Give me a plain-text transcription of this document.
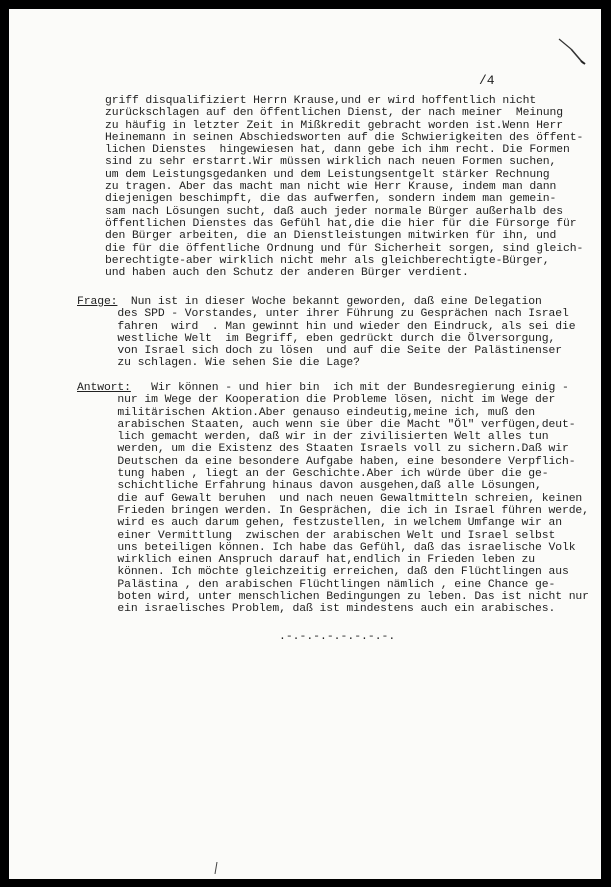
/4
griff disqualifiziert Herrn Krause,und er wird hoffentlich nicht
zurückschlagen auf den öffentlichen Dienst, der nach meiner  Meinung
zu häufig in letzter Zeit in Mißkredit gebracht worden ist.Wenn Herr
Heinemann in seinen Abschiedsworten auf die Schwierigkeiten des öffent-
lichen Dienstes  hingewiesen hat, dann gebe ich ihm recht. Die Formen
sind zu sehr erstarrt.Wir müssen wirklich nach neuen Formen suchen,
um dem Leistungsgedanken und dem Leistungsentgelt stärker Rechnung
zu tragen. Aber das macht man nicht wie Herr Krause, indem man dann
diejenigen beschimpft, die das aufwerfen, sondern indem man gemein-
sam nach Lösungen sucht, daß auch jeder normale Bürger außerhalb des
öffentlichen Dienstes das Gefühl hat,die die hier für die Fürsorge für
den Bürger arbeiten, die an Dienstleistungen mitwirken für ihn, und
die für die öffentliche Ordnung und für Sicherheit sorgen, sind gleich-
berechtigte-aber wirklich nicht mehr als gleichberechtigte-Bürger,
und haben auch den Schutz der anderen Bürger verdient.
Frage:  Nun ist in dieser Woche bekannt geworden, daß eine Delegation
des SPD - Vorstandes, unter ihrer Führung zu Gesprächen nach Israel
fahren  wird  . Man gewinnt hin und wieder den Eindruck, als sei die
westliche Welt  im Begriff, eben gedrückt durch die Ölversorgung,
von Israel sich doch zu lösen  und auf die Seite der Palästinenser
zu schlagen. Wie sehen Sie die Lage?
Antwort:   Wir können - und hier bin  ich mit der Bundesregierung einig -
nur im Wege der Kooperation die Probleme lösen, nicht im Wege der
militärischen Aktion.Aber genauso eindeutig,meine ich, muß den
arabischen Staaten, auch wenn sie über die Macht "Öl" verfügen,deut-
lich gemacht werden, daß wir in der zivilisierten Welt alles tun
werden, um die Existenz des Staaten Israels voll zu sichern.Daß wir
Deutschen da eine besondere Aufgabe haben, eine besondere Verpflich-
tung haben , liegt an der Geschichte.Aber ich würde über die ge-
schichtliche Erfahrung hinaus davon ausgehen,daß alle Lösungen,
die auf Gewalt beruhen  und nach neuen Gewaltmitteln schreien, keinen
Frieden bringen werden. In Gesprächen, die ich in Israel führen werde,
wird es auch darum gehen, festzustellen, in welchem Umfange wir an
einer Vermittlung  zwischen der arabischen Welt und Israel selbst
uns beteiligen können. Ich habe das Gefühl, daß das israelische Volk
wirklich einen Anspruch darauf hat,endlich in Frieden leben zu
können. Ich möchte gleichzeitig erreichen, daß den Flüchtlingen aus
Palästina , den arabischen Flüchtlingen nämlich , eine Chance ge-
boten wird, unter menschlichen Bedingungen zu leben. Das ist nicht nur
ein israelisches Problem, daß ist mindestens auch ein arabisches.
.-.-.-.-.-.-.-.-.
